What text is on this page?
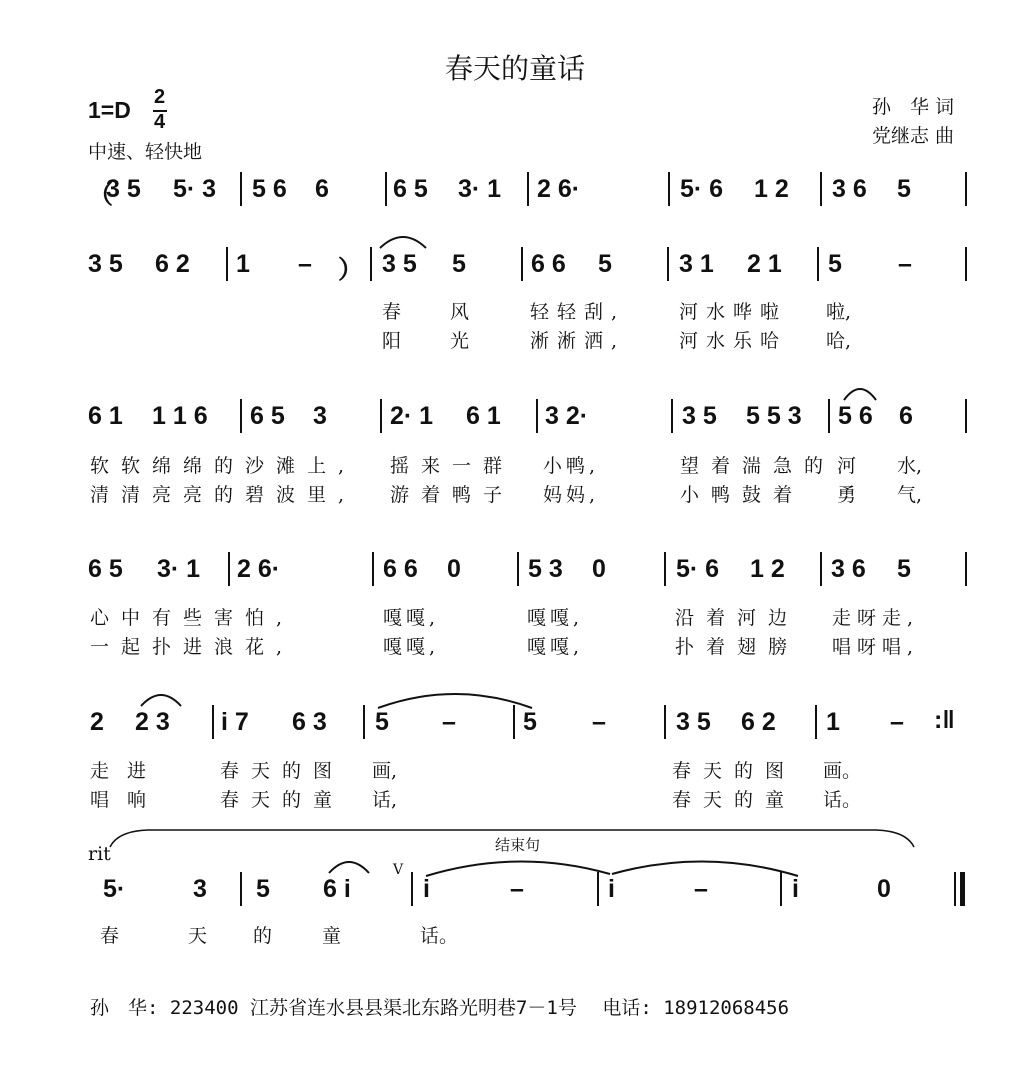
春天的童话
1=D 2
4
中速、轻快地
孙　华 词
党继志 曲
（
3 5 5· 3 5 6 6	6 5 3· 1 2 6·	5· 6 1 2 3 6 5
3 5 6 2 1 – ） 3 5 5	6 6 5	3 1 2 1 5 –
春	风	轻轻刮,	河水哗啦 啦,
阳	光	淅淅洒,	河水乐哈 哈,
6 1 1 1 6 6 5 3	2· 1 6 1 3 2·	3 5 5 5 3 5 6 6
软软绵绵的沙滩上, 摇来一群 小鸭,	望着湍急的 河 水,
清清亮亮的碧波里, 游着鸭子 妈妈,	小鸭鼓着 勇 气,
6 5 3· 1 2 6·	6 6 0	5 3 0	5· 6 1 2 3 6 5
心中有些害怕,	嘎嘎,	嘎嘎,	沿着河边 走呀走,
一起扑进浪花,	嘎嘎,	嘎嘎,	扑着翅膀 唱呀唱,
2 2 3 i 7 6 3 5 –	5 –	3 5 6 2 1 – :‖
走进	春天的图 画,	春天的图 画。
唱响	春天的童 话,	春天的童 话。
rit	结束句
5·	3 5 6 i
V
i	–	i	–	i	0
春	天 的	童	话。
孙　华: 223400 江苏省连水县县渠北东路光明巷7－1号 电话: 18912068456
